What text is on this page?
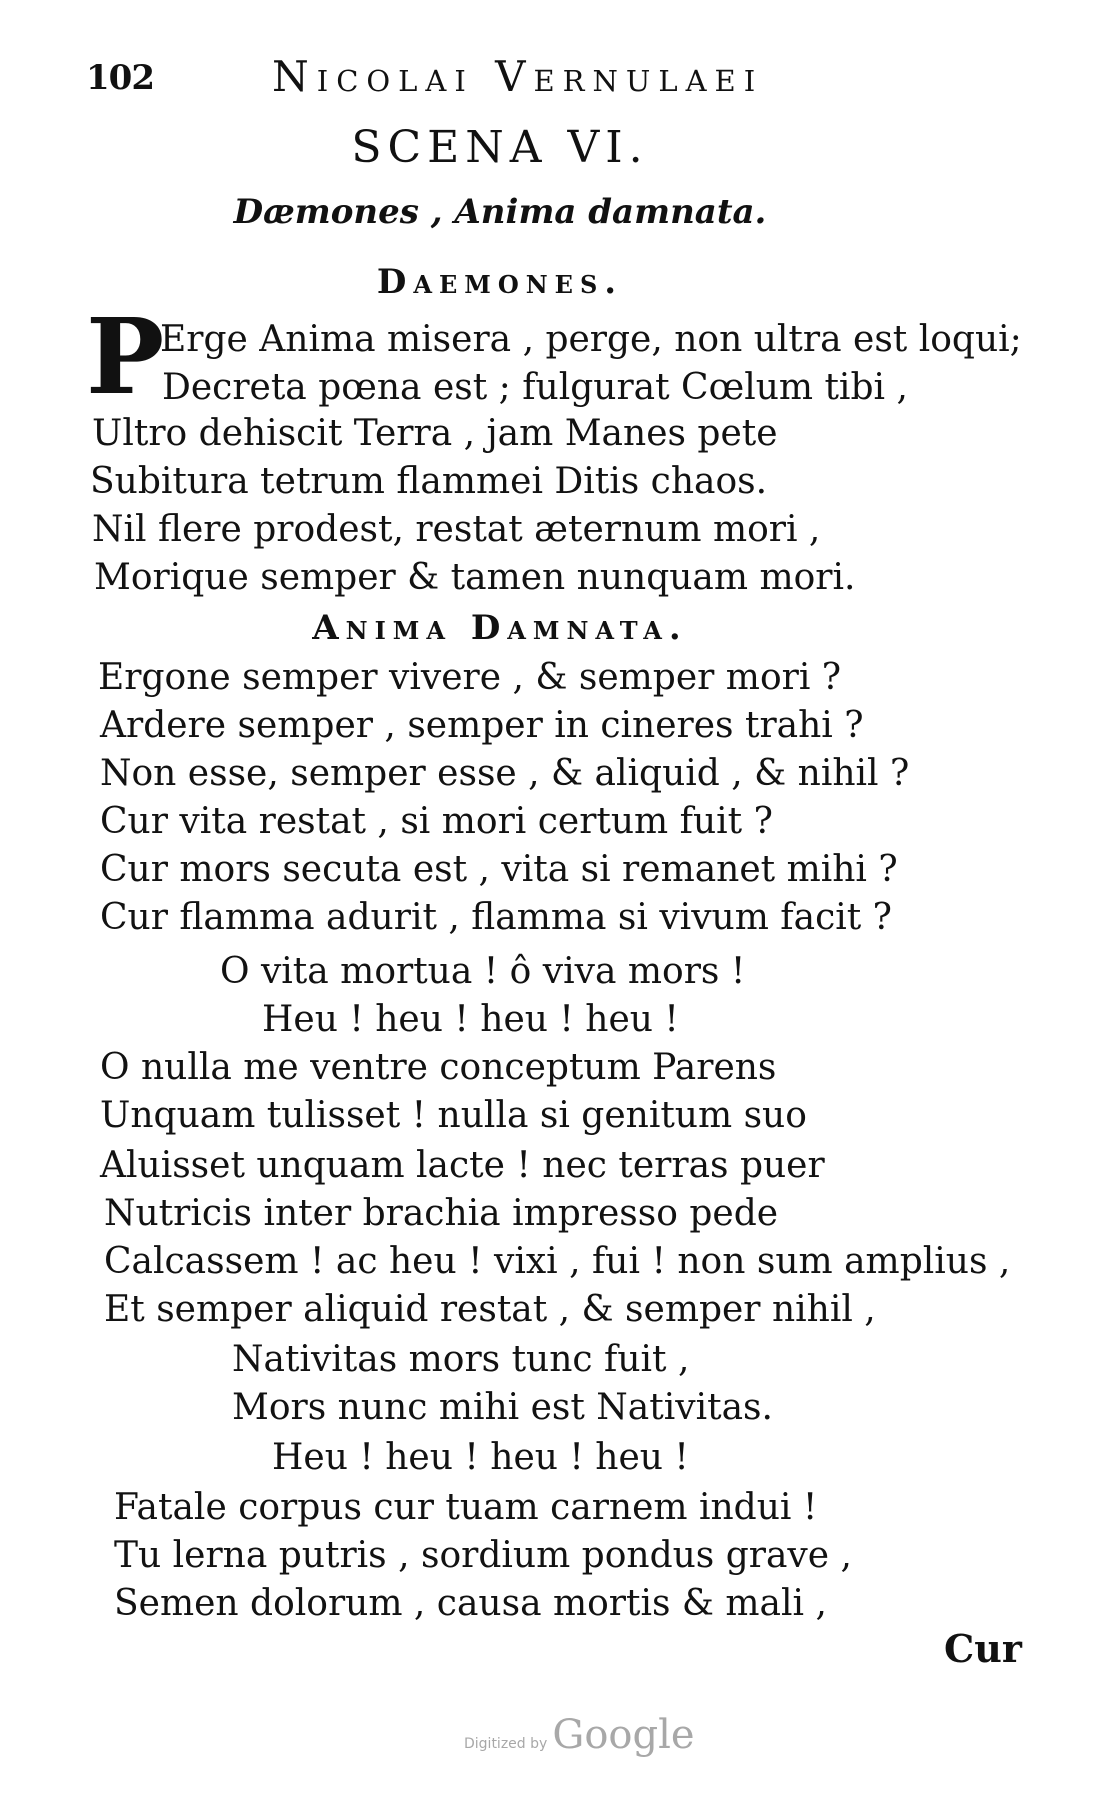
102	Nicolai Vernulaei
SCENA VI.
Dæmones , Anima damnata.
Daemones.
P
Erge Anima misera , perge, non ultra est loqui;
Decreta pœna est ; fulgurat Cœlum tibi ,
Ultro dehiscit Terra , jam Manes pete
Subitura tetrum flammei Ditis chaos.
Nil flere prodest, restat æternum mori ,
Morique semper & tamen nunquam mori.
Anima Damnata.
Ergone semper vivere , & semper mori ?
Ardere semper , semper in cineres trahi ?
Non esse, semper esse , & aliquid , & nihil ?
Cur vita restat , si mori certum fuit ?
Cur mors secuta est , vita si remanet mihi ?
Cur flamma adurit , flamma si vivum facit ?
O vita mortua ! ô viva mors !
Heu ! heu ! heu ! heu !
O nulla me ventre conceptum Parens
Unquam tulisset ! nulla si genitum suo
Aluisset unquam lacte ! nec terras puer
Nutricis inter brachia impresso pede
Calcassem ! ac heu ! vixi , fui ! non sum amplius ,
Et semper aliquid restat , & semper nihil ,
Nativitas mors tunc fuit ,
Mors nunc mihi est Nativitas.
Heu ! heu ! heu ! heu !
Fatale corpus cur tuam carnem indui !
Tu lerna putris , sordium pondus grave ,
Semen dolorum , causa mortis & mali ,
Cur
Digitized by Google
